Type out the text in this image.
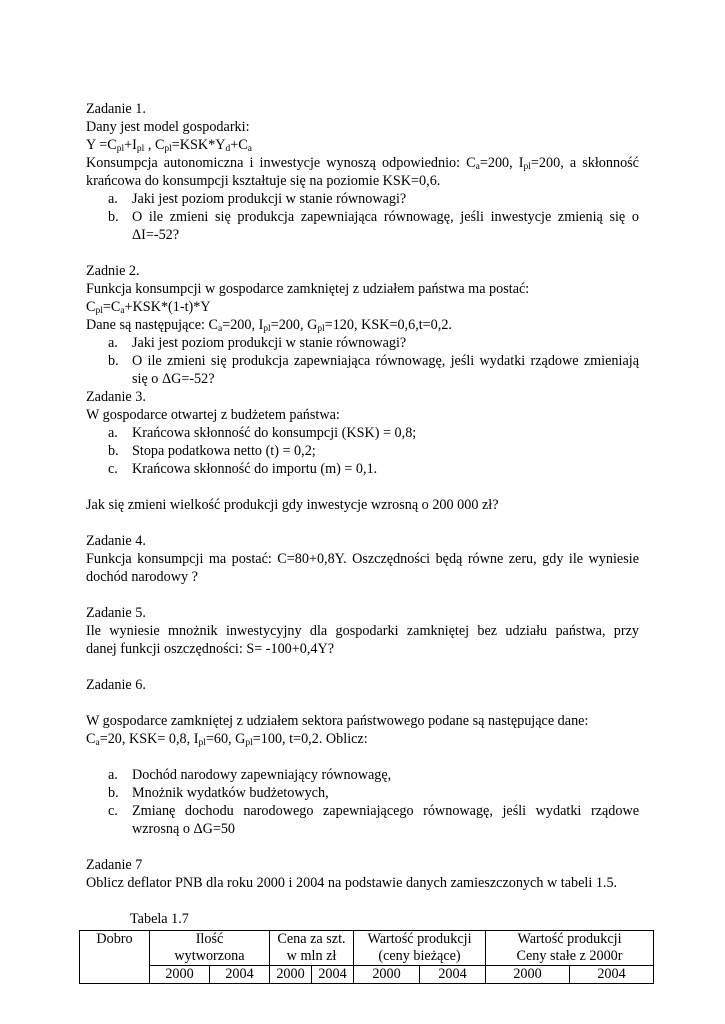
Zadanie 1.
Dany jest model gospodarki:
$Y =C_{pl}+I_{pl}$ , $C_{pl}=KSK*Y_d+C_a$
Konsumpcja autonomiczna i inwestycje wynoszą odpowiednio: $C_a=200$, $I_{pl}=200$, a skłonność
krańcowa do konsumpcji kształtuje się na poziomie KSK=0,6.
a. Jaki jest poziom produkcji w stanie równowagi?
b. O ile zmieni się produkcja zapewniająca równowagę, jeśli inwestycje zmienią się o
ΔI=-52?
Zadnie 2.
Funkcja konsumpcji w gospodarce zamkniętej z udziałem państwa ma postać:
$C_{pl}=C_a+KSK*(1-t)*Y$
Dane są następujące: $C_a=200$, $I_{pl}=200$, $G_{pl}=120$, KSK=0,6,t=0,2.
a. Jaki jest poziom produkcji w stanie równowagi?
b. O ile zmieni się produkcja zapewniająca równowagę, jeśli wydatki rządowe zmieniają
się o ΔG=-52?
Zadanie 3.
W gospodarce otwartej z budżetem państwa:
a. Krańcowa skłonność do konsumpcji (KSK) = 0,8;
b. Stopa podatkowa netto (t) = 0,2;
c. Krańcowa skłonność do importu (m) = 0,1.
Jak się zmieni wielkość produkcji gdy inwestycje wzrosną o 200 000 zł?
Zadanie 4.
Funkcja konsumpcji ma postać: C=80+0,8Y. Oszczędności będą równe zeru, gdy ile wyniesie
dochód narodowy ?
Zadanie 5.
Ile wyniesie mnożnik inwestycyjny dla gospodarki zamkniętej bez udziału państwa, przy
danej funkcji oszczędności: S= -100+0,4Y?
Zadanie 6.
W gospodarce zamkniętej z udziałem sektora państwowego podane są następujące dane:
$C_a=20$, KSK= 0,8, $I_{pl}=60$, $G_{pl}=100$, t=0,2. Oblicz:
a. Dochód narodowy zapewniający równowagę,
b. Mnożnik wydatków budżetowych,
c. Zmianę dochodu narodowego zapewniającego równowagę, jeśli wydatki rządowe
wzrosną o ΔG=50
Zadanie 7
Oblicz deflator PNB dla roku 2000 i 2004 na podstawie danych zamieszczonych w tabeli 1.5.
Tabela 1.7
Dobro	Ilość		Cena za szt.		Wartość produkcji		Wartość produkcji	
	wytworzona		w mln zł		(ceny bieżące)		Ceny stałe z 2000r	
	2000	2004	2000	2004	2000	2004	2000	2004
